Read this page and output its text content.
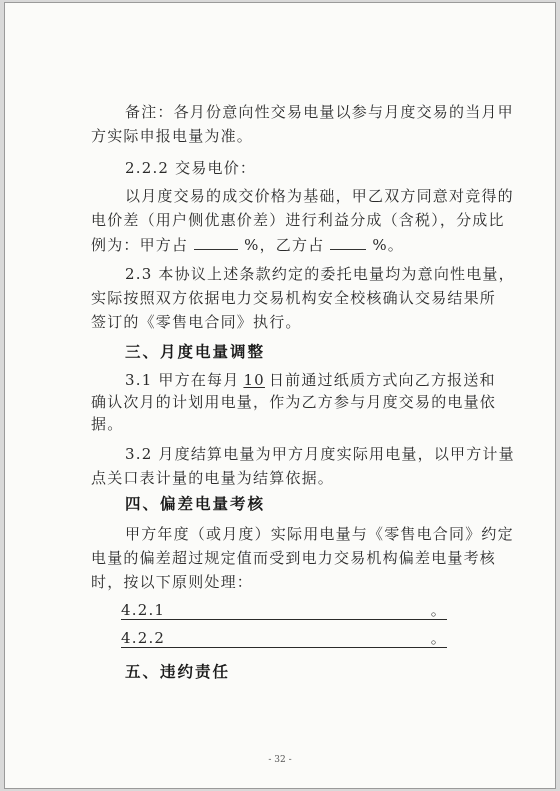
备注：各月份意向性交易电量以参与月度交易的当月甲
方实际申报电量为准。
2.2.2 交易电价：
以月度交易的成交价格为基础，甲乙双方同意对竞得的
电价差（用户侧优惠价差）进行利益分成（含税），分成比
例为：甲方占	%，乙方占	%。
2.3 本协议上述条款约定的委托电量均为意向性电量，
实际按照双方依据电力交易机构安全校核确认交易结果所
签订的《零售电合同》执行。
三、月度电量调整
3.1 甲方在每月 10 日前通过纸质方式向乙方报送和
确认次月的计划用电量，作为乙方参与月度交易的电量依
据。
3.2 月度结算电量为甲方月度实际用电量，以甲方计量
点关口表计量的电量为结算依据。
四、偏差电量考核
甲方年度（或月度）实际用电量与《零售电合同》约定
电量的偏差超过规定值而受到电力交易机构偏差电量考核
时，按以下原则处理：
4.2.1	。
4.2.2	。
五、违约责任
- 32 -
